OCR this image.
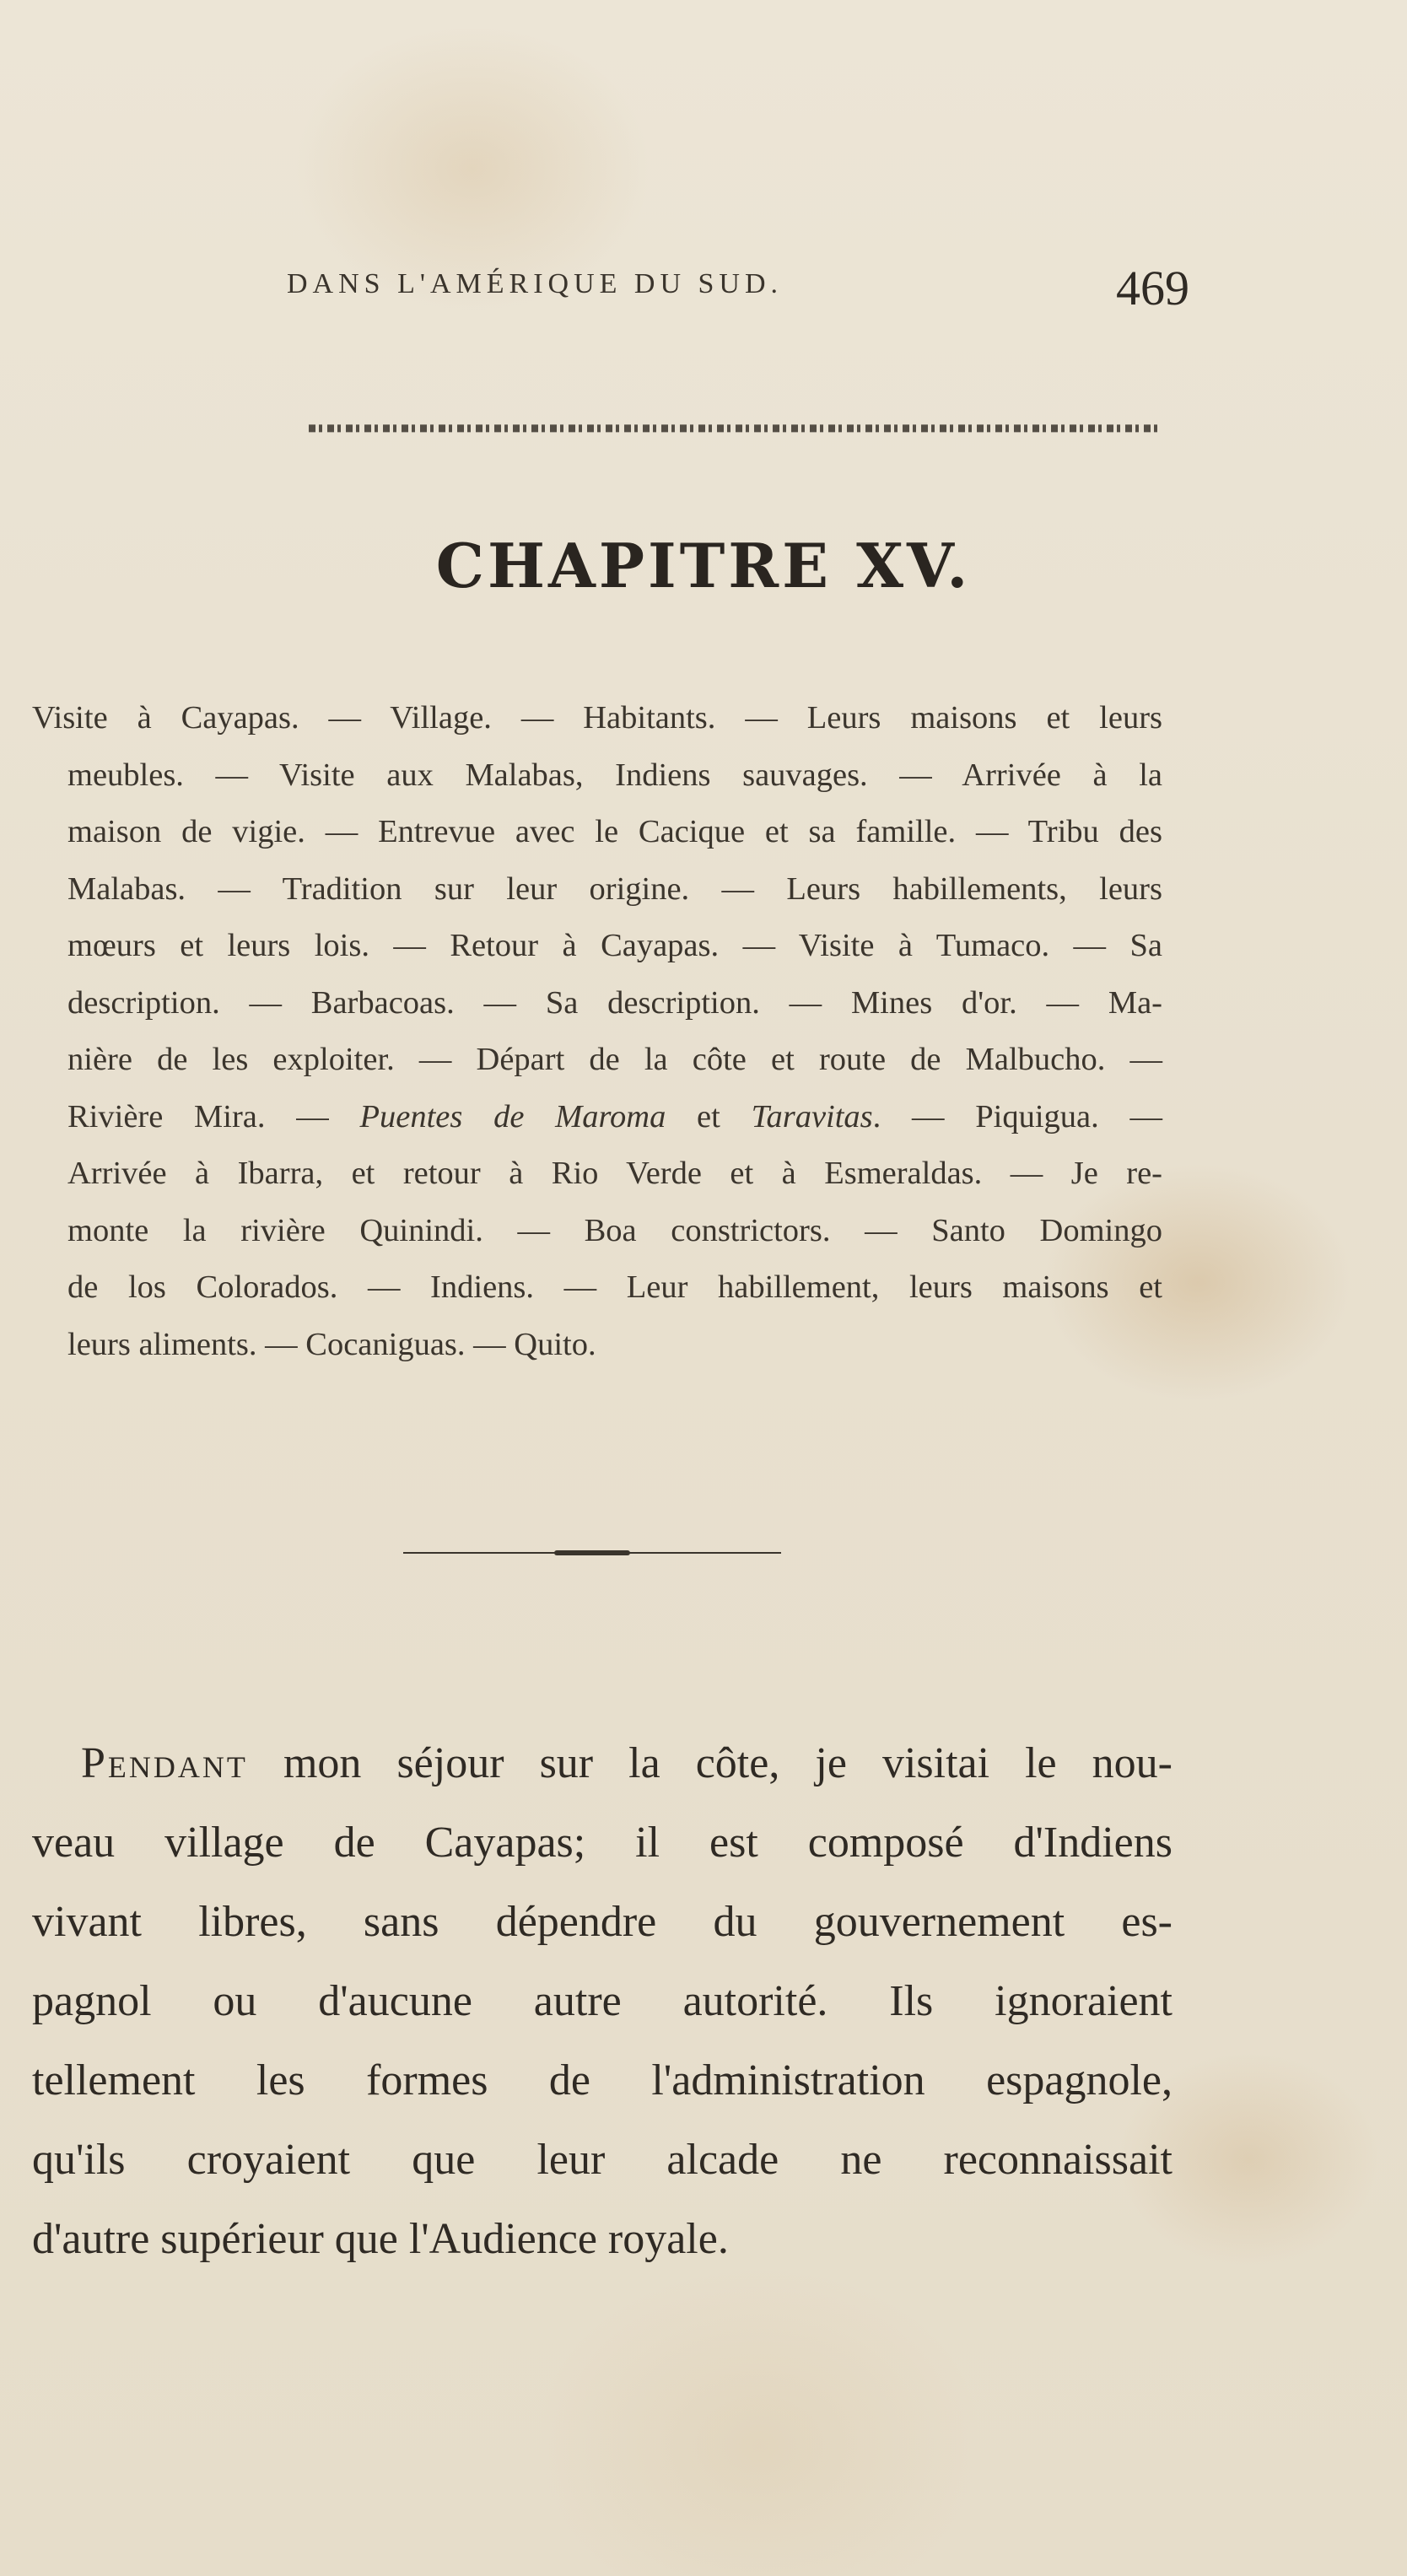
DANS L'AMÉRIQUE DU SUD.	469
CHAPITRE XV.
Visite à Cayapas. — Village. — Habitants. — Leurs maisons et leurs
meubles. — Visite aux Malabas, Indiens sauvages. — Arrivée à la
maison de vigie. — Entrevue avec le Cacique et sa famille. — Tribu des
Malabas. — Tradition sur leur origine. — Leurs habillements, leurs
mœurs et leurs lois. — Retour à Cayapas. — Visite à Tumaco. — Sa
description. — Barbacoas. — Sa description. — Mines d'or. — Ma-
nière de les exploiter. — Départ de la côte et route de Malbucho. —
Rivière Mira. — Puentes de Maroma et Taravitas. — Piquigua. —
Arrivée à Ibarra, et retour à Rio Verde et à Esmeraldas. — Je re-
monte la rivière Quinindi. — Boa constrictors. — Santo Domingo
de los Colorados. — Indiens. — Leur habillement, leurs maisons et
leurs aliments. — Cocaniguas. — Quito.
Pendant mon séjour sur la côte, je visitai le nou-
veau village de Cayapas; il est composé d'Indiens
vivant libres, sans dépendre du gouvernement es-
pagnol ou d'aucune autre autorité. Ils ignoraient
tellement les formes de l'administration espagnole,
qu'ils croyaient que leur alcade ne reconnaissait
d'autre supérieur que l'Audience royale.
